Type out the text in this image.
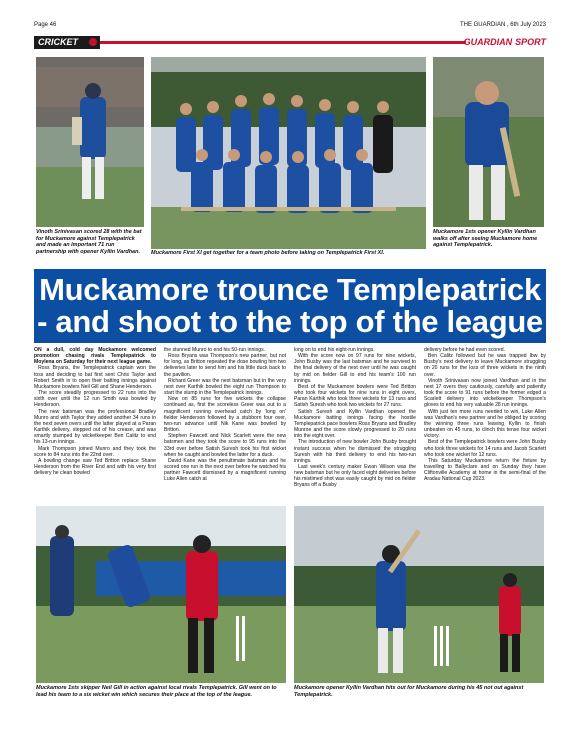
Page 46	THE GUARDIAN , 6th July 2023
CRICKET	GUARDIAN SPORT
Vinoth Srinivasan scored 28 with the bat for Muckamore against Templepatrick and made an important 71 run partnership with opener Kyllin Vardhan.	Muckamore First XI get together for a team photo before taking on Templepatrick First XI.
Muckamore 1sts opener Kyllin Vardhan walks off after seeing Muckamore home against Templepatrick.
Muckamore trounce Templepatrick
- and shoot to the top of the league

ON a dull, cold day Muckamore welcomed promotion chasing rivals Templepatrick to Moylena on Saturday for their next league game.

Ross Bryans, the Templepatrick captain won the toss and deciding to bat first sent Chris Taylor and Robert Smith in to open their batting innings against Muckamore bowlers Neil Gill and Shane Henderson.

The score steadily progressed to 22 runs into the sixth over until the 12 run Smith was bowled by Henderson.

The new batsman was the professional Bradley Munro and with Taylor they added another 34 runs in the next seven overs until the latter played at a Paran Karthik delivery, stepped out of his crease, and was smartly stumped by wicketkeeper Ben Calitz to end his 13-run innings.

Mark Thompson joined Munro and they took the score to 84 runs into the 22nd over.

A bowling change saw Ted Britton replace Shane Henderson from the River End and with his very first delivery he clean bowled

the stunned Munro to end his 50-run innings.

Ross Bryans was Thompson's new partner, but not for long, as Britton repeated the dose bowling him two deliveries later to send him and his little duck back to the pavilion.

Richard Greer was the next batsman but in the very next over Karthik bowled the eight run Thompson to start the slump in the Templepatrick innings.

Now on 85 runs for five wickets the collapse continued as, first the scoreless Greer was out to a magnificent running overhead catch by 'long on' fielder Henderson followed by a stubborn four over, two-run advance until Nik Kane was bowled by Britton.

Stephen Fawcett and Nick Scarlett were the new batsmen and they took the score to 95 runs into the 33rd over before Satish Suresh took his first wicket when he caught and bowled the latter for a duck.

David Kane was the penultimate batsman and he scored one run in the next over before he watched his partner Fawcett dismissed by a magnificent running Luke Allen catch at

long on to end his eight-run innings.

With the score now on 97 runs for nine wickets, John Busby was the last batsman and he survived to the final delivery of the next over until he was caught by mid on fielder Gill to end his team's 100 run innings.

Best of the Muckamore bowlers were Ted Britton who took four wickets for nine runs in eight overs, Paran Karthik who took three wickets for 13 runs and Satish Suresh who took two wickets for 27 runs.

Satish Suresh and Kyllin Vardhan opened the Muckamore batting innings facing the hostile Templepatrick pace bowlers Ross Bryans and Bradley Munroe and the score slowly progressed to 20 runs into the eight over.

The introduction of new bowler John Busby brought instant success when he dismissed the struggling Suresh with his third delivery to end his two-run innings.

Last week's century maker Ewan Wilson was the new batsman but he only faced eight deliveries before his mistimed shot was easily caught by mid on fielder Bryans off a Busby

delivery before he had even scored.

Ben Calitz followed but he was trapped lbw by Busby's next delivery to leave Muckamore struggling on 20 runs for the loss of three wickets in the ninth over.

Vinoth Srinivasan now joined Vardhan and in the next 17 overs they cautiously, carefully and patiently took the score to 91 runs before the former edged a Scarlett delivery into wicketkeeper Thompson's gloves to end his very valuable 28 run innings.

With just ten more runs needed to win, Luke Allen was Vardhan's new partner and he obliged by scoring the winning three runs leaving Kyllin to finish unbeaten on 45 runs, to clinch this tense four wicket victory.

Best of the Templepatrick bowlers were John Busby who took three wickets for 14 runs and Jacob Scarlett who took one wicket for 12 runs.

This Saturday Muckamore return the fixture by travelling to Ballyclare and on Sunday they have Cliftonville Academy at home in the semi-final of the Aradau National Cup 2023.

Muckamore 1sts skipper Neil Gill in action against local rivals Templepatrick. Gill went on to lead his team to a six wicket win which secures their place at the top of the league.
Muckamore opener Kyllin Vardhan hits out for Muckamore during his 45 not out against Templepatrick.
